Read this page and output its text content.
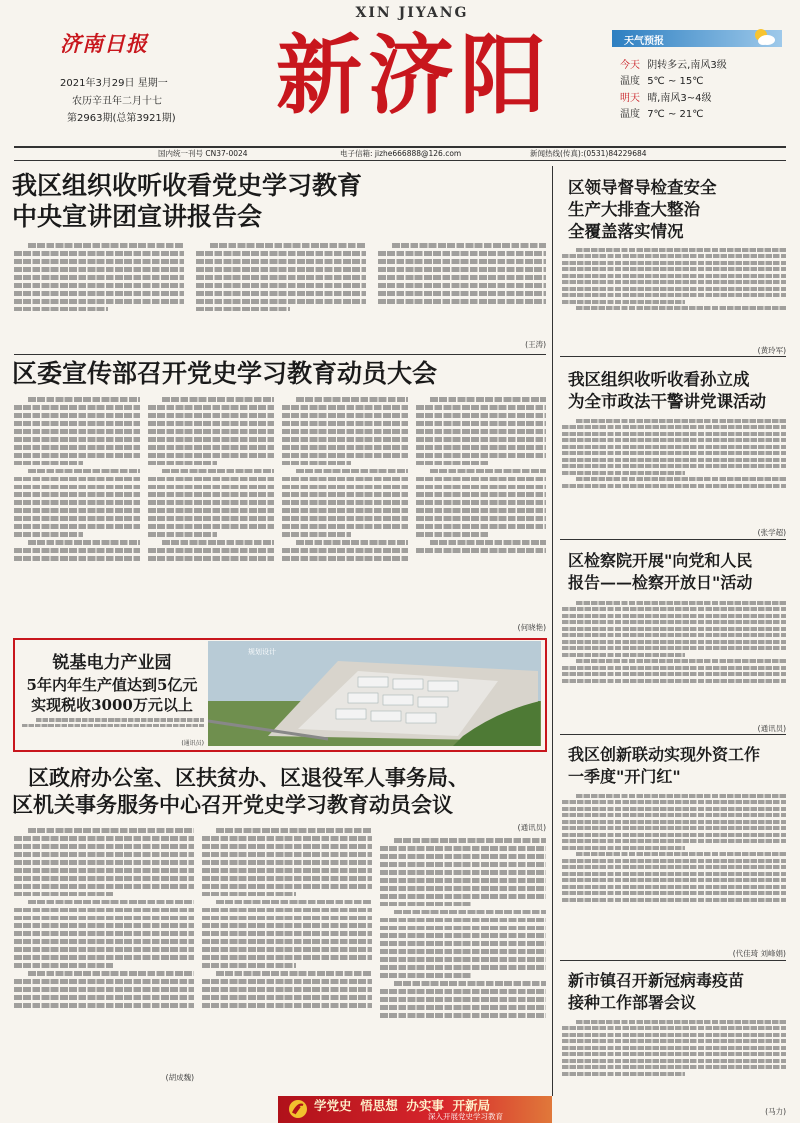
济南日报
2021年3月29日 星期一
农历辛丑年二月十七
第2963期(总第3921期)
XIN JIYANG
新济阳	天气预报
今天 阴转多云,南风3级
温度 5℃ ~ 15℃
明天 晴,南风3~4级
温度 7℃ ~ 21℃
国内统一刊号 CN37-0024	电子信箱: jizhe666888@126.com	新闻热线(传真):(0531)84229684
我区组织收听收看党史学习教育
中央宣讲团宣讲报告会
(王涛)
区委宣传部召开党史学习教育动员大会
(何晓艳)
锐基电力产业园
5年内年生产值达到5亿元
实现税收3000万元以上
(通讯员)
规划设计
区政府办公室、区扶贫办、区退役军人事务局、
区机关事务服务中心召开党史学习教育动员会议
(胡成魏)
(通讯员)
区领导督导检查安全
生产大排查大整治
全覆盖落实情况
(黄玲军)
我区组织收听收看孙立成
为全市政法干警讲党课活动
(张学超)
区检察院开展"向党和人民
报告——检察开放日"活动
(通讯员)
我区创新联动实现外资工作
一季度"开门红"
(代佳琦 刘峰娟)
新市镇召开新冠病毒疫苗
接种工作部署会议
(马力)
学党史  悟思想  办实事  开新局
深入开展党史学习教育
